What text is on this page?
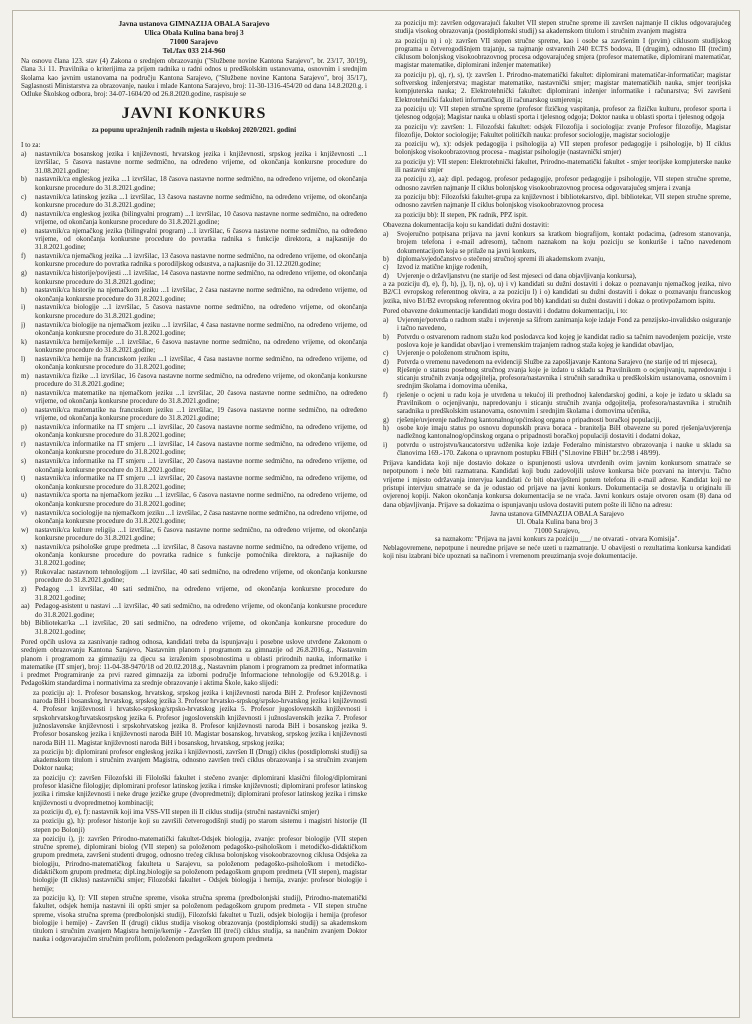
Javna ustanova GIMNAZIJA OBALA Sarajevo
Ulica Obala Kulina bana broj 3
71000 Sarajevo
Tel./fax 033 214-960

Na osnovu člana 123. stav (4) Zakona o srednjem obrazovanju ("Službene novine Kantona Sarajevo", br. 23/17, 30/19), člana 3.i 11. Pravilnika o kriterijima za prijem radnika u radni odnos u predškolskim ustanovama, osnovnim i srednjim školama kao javnim ustanovama na području Kantona Sarajevo, ("Službene novine Kantona Sarajevo", broj 35/17), Saglasnosti Ministarstva za obrazovanje, nauku i mlade Kantona Sarajevo, broj: 11-30-1316-454/20 od dana 14.8.2020.g. i Odluke Školskog odbora, broj: 34-07-1604/20 od 26.8.2020.godine, raspisuje se

JAVNI KONKURS
za popunu upražnjenih radnih mjesta u školskoj 2020/2021. godini

I to za:

a)	nastavnik/ca bosanskog jezika i književnosti, hrvatskog jezika i književnosti, srpskog jezika i književnosti ...1 izvršilac, 5 časova nastavne norme sedmično, na određeno vrijeme, od okončanja konkursne procedure do 31.08.2021.godine;
b)	nastavnik/ca engleskog jezika ...1 izvršilac, 18 časova nastavne norme sedmično, na određeno vrijeme, od okončanja konkursne procedure do 31.8.2021.godine;
c)	nastavnik/ca latinskog jezika ...1 izvršilac, 13 časova nastavne norme sedmično, na određeno vrijeme, od okončanja konkursne procedure do 31.8.2021.godine;
d)	nastavnik/ca engleskog jezika (bilingvalni program) ...1 izvršilac, 10 časova nastavne norme sedmično, na određeno vrijeme, od okončanja konkursne procedure do 31.8.2021.godine;
e)	nastavnik/ca njemačkog jezika (bilingvalni program) ...1 izvršilac, 6 časova nastavne norme sedmično, na određeno vrijeme, od okončanja konkursne procedure do povratka radnika s funkcije direktora, a najkasnije do 31.8.2021.godine;
f)	nastavnik/ca njemačkog jezika ...1 izvršilac, 13 časova nastavne norme sedmično, na određeno vrijeme, od okončanja konkursne procedure do povratka radnika s porodiljskog odsustva, a najkasnije do 31.12.2020.godine;
g)	nastavnik/ca historije/povijesti ...1 izvršilac, 14 časova nastavne norme sedmično, na određeno vrijeme, od okončanja konkursne procedure do 31.8.2021.godine;
h)	nastavnik/ca historije na njemačkom jeziku ...1 izvršilac, 2 časa nastavne norme sedmično, na određeno vrijeme, od okončanja konkursne procedure do 31.8.2021.godine;
i)	nastavnik/ca biologije ...1 izvršilac, 5 časova nastavne norme sedmično, na određeno vrijeme, od okončanja konkursne procedure do 31.8.2021.godine;
j)	nastavnik/ca biologije na njemačkom jeziku ...1 izvršilac, 4 časa nastavne norme sedmično, na određeno vrijeme, od okončanja konkursne procedure do 31.8.2021.godine;
k)	nastavnik/ca hemije/kemije ...1 izvršilac, 6 časova nastavne norme sedmično, na određeno vrijeme, od okončanja konkursne procedure do 31.8.2021.godine;
l)	nastavnik/ca hemije na francuskom jeziku ...1 izvršilac, 4 časa nastavne norme sedmično, na određeno vrijeme, od okončanja konkursne procedure do 31.8.2021.godine;
m) nastavnik/ca fizike ...1 izvršilac, 16 časova nastavne norme sedmično, na određeno vrijeme, od okončanja konkursne procedure do 31.8.2021.godine;
n)	nastavnik/ca matematike na njemačkom jeziku ...1 izvršilac, 20 časova nastavne norme sedmično, na određeno vrijeme, od okončanja konkursne procedure do 31.8.2021.godine;
o)	nastavnik/ca matematike na francuskom jeziku ...1 izvršilac, 19 časova nastavne norme sedmično, na određeno vrijeme, od okončanja konkursne procedure do 31.8.2021.godine;
p)	nastavnik/ca informatike na IT smjeru ...1 izvršilac, 20 časova nastavne norme sedmično, na određeno vrijeme, od okončanja konkursne procedure do 31.8.2021.godine;
r)	nastavnik/ca informatike na IT smjeru ...1 izvršilac, 14 časova nastavne norme sedmično, na određeno vrijeme, od okončanja konkursne procedure do 31.8.2021.godine;
s)	nastavnik/ca informatike na IT smjeru ...1 izvršilac, 20 časova nastavne norme sedmično, na određeno vrijeme, od okončanja konkursne procedure do 31.8.2021.godine;
t)	nastavnik/ca informatike na IT smjeru ...1 izvršilac, 20 časova nastavne norme sedmično, na određeno vrijeme, od okončanja konkursne procedure do 31.8.2021.godine;
u)	nastavnik/ca sporta na njemačkom jeziku ...1 izvršilac, 6 časova nastavne norme sedmično, na određeno vrijeme, od okončanja konkursne procedure do 31.8.2021.godine;
v)	nastavnik/ca sociologije na njemačkom jeziku ...1 izvršilac, 2 časa nastavne norme sedmično, na određeno vrijeme, od okončanja konkursne procedure do 31.8.2021.godine;
w) nastavnik/ca kulture religija ...1 izvršilac, 6 časova nastavne norme sedmično, na određeno vrijeme, od okončanja konkursne procedure do 31.8.2021.godine;
x)	nastavnik/ca psihološke grupe predmeta ...1 izvršilac, 8 časova nastavne norme sedmično, na određeno vrijeme, od okončanja konkursne procedure do povratka radnice s funkcije pomoćnika direktora, a najkasnije do 31.8.2021.godine;
y)	Rukovalac nastavnom tehnologijom ...1 izvršilac, 40 sati sedmično, na određeno vrijeme, od okončanja konkursne procedure do 31.8.2021.godine;
z)	Pedagog ...1 izvršilac, 40 sati sedmično, na određeno vrijeme, od okončanja konkursne procedure do 31.8.2021.godine;
aa) Pedagog-asistent u nastavi ...1 izvršilac, 40 sati sedmično, na određeno vrijeme, od okončanja konkursne procedure do 31.8.2021.godine;
bb) Bibliotekar/ka ...1 izvršilac, 20 sati sedmično, na određeno vrijeme, od okončanja konkursne procedure do 31.8.2021.godine;

Pored općih uslova za zasnivanje radnog odnosa, kandidati treba da ispunjavaju i posebne uslove utvrđene Zakonom o srednjem obrazovanju Kantona Sarajevo, Nastavnim planom i programom za gimnazije od 26.8.2016.g., Nastavnim planom i programom za gimnaziju za djecu sa izraženim sposobnostima u oblasti prirodnih nauka, informatike i matematike (IT smjer), broj: 11-04-38-9470/18 od 20.02.2018.g., Nastavnim planom i programom za predmet informatika i predmet Programiranje za prvi razred gimnazija za izborni područje Informacione tehnologije od 6.9.2018.g. i Pedagoškim standardima i normativima za srednje obrazovanje i aktima Škole, kako slijedi:

za poziciju a): 1. Profesor bosanskog, hrvatskog, srpskog jezika i književnosti naroda BiH 2. Profesor književnosti naroda BiH i bosanskog, hrvatskog, srpskog jezika 3. Profesor hrvatsko-srpskog/srpsko-hrvatskog jezika i književnosti 4. Profesor književnosti i hrvatsko-srpskog/srpsko-hrvatskog jezika 5. Profesor jugoslovenskih književnosti i srpskohrvatskog/hrvatskosrpskog jezika 6. Profesor jugoslovenskih književnosti i južnoslavenskih jezika 7. Profesor južnoslavenske književnosti i srpskohrvatskog jezika 8. Profesor književnosti naroda BiH i bosanskog jezika 9. Profesor bosanskog jezika i književnosti naroda BiH 10. Magistar bosanskog, hrvatskog, srpskog jezika i književnosti naroda BiH 11. Magistar književnosti naroda BiH i bosanskog, hrvatskog, srpskog jezika;

za poziciju b): diplomirani profesor engleskog jezika i književnosti, završen II (Drugi) ciklus (postdiplomski studij) sa akademskom titulom i stručnim zvanjem Magistra, odnosno završen treći ciklus obrazovanja i sa stručnim zvanjem Doktor nauka;

za poziciju c): završen Filozofski ili Filološki fakultet i stečeno zvanje: diplomirani klasični filolog/diplomirani profesor klasične filologije; diplomirani profesor latinskog jezika i rimske književnosti; diplomirani profesor latinskog jezika i rimske književnosti i neke druge jezičke grupe (dvopredmetni); diplomirani profesor latinskog jezika i rimske književnosti u dvopredmetnoj kombinaciji;

za poziciju d), e), f): nastavnik koji ima VSS-VII stepen ili II ciklus studija (stručni nastavnički smjer)

za poziciju g), h): profesor historije koji su završili četverogodišnji studij po starom sistemu i magistri historije (II stepen po Bolonji)

za poziciju i), j): završen Prirodno-matematički fakultet-Odsjek biologija, zvanje: profesor biologije (VII stepen stručne spreme), diplomirani biolog (VII stepen) sa položenom pedagoško-psihološkom i metodičko-didaktičkom grupom predmeta, završeni studenti drugog, odnosno trećeg ciklusa bolonjskog visokoobrazovnog ciklusa Odsjeka za biologiju, Prirodno-matematičkog fakulteta u Sarajevu, sa položenom pedagoško-psihološkom i metodičko-didaktičkom grupom predmeta; dipl.ing.biologije sa položenom pedagoškom grupom predmeta (VII stepen), magistar biologije (II ciklus) nastavnički smjer; Filozofski fakultet - Odsjek biologija i hemija, zvanje: profesor biologije i hemije;

za poziciju k), l): VII stepen stručne spreme, visoka stručna sprema (predbolonjski studij), Prirodno-matematički fakultet, odsjek hemija nastavni ili opšti smjer sa položenom pedagoškom grupom predmeta - VII stepen stručne spreme, visoka stručna sprema (predbolonjski studij), Filozofski fakultet u Tuzli, odsjek biologija i hemija (profesor biologije i hemije) - Završen II (drugi) ciklus studija visokog obrazovanja (postdiplomski studij) sa akademskom titulom i stručnim zvanjem Magistra hemije/kemije - Završen III (treći) ciklus studija, sa naučnim zvanjem Doktor nauka i odgovarajućim stručnim profilom, položenom pedagoškom grupom predmeta

za poziciju m): završen odgovarajući fakultet VII stepen stručne spreme ili završen najmanje II ciklus odgovarajućeg studija visokog obrazovanja (postdiplomski studij) sa akademskom titulom i stručnim zvanjem magistra

za poziciju n) i o): završen VII stepen stručne spreme, kao i osobe sa završenim I (prvim) ciklusom studijskog programa u četverogodišnjem trajanju, sa najmanje ostvarenih 240 ECTS bodova, II (drugim), odnosno III (trećim) ciklusom bolonjskog visokoobrazovnog procesa odgovarajućeg smjera (profesor matematike, diplomirani matematičar, magistar matematike, diplomirani inženjer matematike)

za poziciju p), q), r), s), t): završen 1. Prirodno-matematički fakultet: diplomirani matematičar-informatičar; magistar softverskog inženjerstva; magistar matematike, nastavnički smjer; magistar matematičkih nauka, smjer teorijska kompjuterska nauka; 2. Elektrotehnički fakultet: diplomirani inženjer informatike i računarstva; Svi završeni Elektrotehnički fakulteti informatičkog ili računarskog usmjerenja;

za poziciju u): VII stepen stručne spreme (profesor fizičkog vaspitanja, profesor za fizičku kulturu, profesor sporta i tjelesnog odgoja); Magistar nauka u oblasti sporta i tjelesnog odgoja; Doktor nauka u oblasti sporta i tjelesnog odgoja

za poziciju v): završen: 1. Filozofski fakultet: odsjek Filozofija i sociologija: zvanje Profesor filozofije, Magistar filozofije, Doktor sociologije; Fakultet političkih nauka: profesor sociologije, magistar sociologije

za poziciju w), x): odsjek pedagogija i psihologija a) VII stepen profesor pedagogije i psihologije, b) II ciklus bolonjskog visokoobrazovnog procesa - magistar psihologije (nastavnički smjer)

za poziciju y): VII stepen: Elektrotehnički fakultet, Prirodno-matematički fakultet - smjer teorijske kompjuterske nauke ili nastavni smjer

za poziciju z), aa): dipl. pedagog, profesor pedagogije, profesor pedagogije i psihologije, VII stepen stručne spreme, odnosno završen najmanje II ciklus bolonjskog visokoobrazovnog procesa odgovarajućeg smjera i zvanja

za poziciju bb): Filozofski fakultet-grupa za književnost i bibliotekarstvo, dipl. bibliotekar, VII stepen stručne spreme, odnosno završen najmanje II ciklus bolonjskog visokoobrazovnog procesa

za poziciju bb): II stepen, PK radnik, PPZ ispit.

Obavezna dokumentacija koju su kandidati dužni dostaviti:

a)	Svojeručno potpisana prijava na javni konkurs sa kratkom biografijom, kontakt podacima, (adresom stanovanja, brojem telefona i e-mail adresom), tačnom naznakom na koju poziciju se konkuriše i tačno navedenom dokumentacijom koja se prilaže na javni konkurs,
b)	diploma/svjedočanstvo o stečenoj stručnoj spremi ili akademskom zvanju,
c)	Izvod iz matične knjige rođenih,
d)	Uvjerenje o državljanstvu (ne starije od šest mjeseci od dana objavljivanja konkursa),

a za poziciju d), e), f), h), j), l), n), o), u) i v) kandidati su dužni dostaviti i dokaz o poznavanju njemačkog jezika, nivo B2/C1 evropskog referentnog okvira, a za poziciju l) i o) kandidati su dužni dostaviti i dokaz o poznavanju francuskog jezika, nivo B1/B2 evropskog referentnog okvira pod bb) kandidati su dužni dostaviti i dokaz o protivpožarnom ispitu.

Pored obavezne dokumentacije kandidati mogu dostaviti i dodatnu dokumentaciju, i to:

a)	Uvjerenje/potvrda o radnom stažu i uvjerenje sa šifrom zanimanja koje izdaje Fond za penzijsko-invalidsko osiguranje i tačno navedeno,
b)	Potvrdu o ostvarenom radnom stažu kod poslodavca kod kojeg je kandidat radio sa tačnim navođenjem pozicije, vrste poslova koje je kandidat obavljao i vremenskim trajanjem radnog staža kojeg je kandidat obavljao,
c)	Uvjerenje o položenom stručnom ispitu,
d)	Potvrda o vremenu navedenom na evidenciji Službe za zapošljavanje Kantona Sarajevo (ne starije od tri mjeseca),
e)	Rješenje o statusu posebnog stručnog zvanja koje je izdato u skladu sa Pravilnikom o ocjenjivanju, napredovanju i sticanju stručnih zvanja odgojitelja, profesora/nastavnika i stručnih saradnika u predškolskim ustanovama, osnovnim i srednjim školama i domovima učenika,
f)	rješenje o ocjeni u radu koja je utvrđena u tekućoj ili prethodnoj kalendarskoj godini, a koje je izdato u skladu sa Pravilnikom o ocjenjivanju, napredovanju i sticanju stručnih zvanja odgojitelja, profesora/nastavnika i stručnih saradnika u predškolskim ustanovama, osnovnim i srednjim školama i domovima učenika,
g)	rješenje/uvjerenje nadležnog kantonalnog/općinskog organa o pripadnosti boračkoj populaciji,
h)	osobe koje imaju status po osnovu dopunskih prava boraca - branitelja BiH obavezne su pored rješenja/uvjerenja nadležnog kantonalnog/općinskog organa o pripadnosti boračkoj populaciji dostaviti i dodatni dokaz,
i)	potvrdu o ustrojstvu/kaucatorstvu udženika koje izdaje Federalno ministarstvo obrazovanja i nauke u skladu sa članovima 169.-170. Zakona o upravnom postupku FBiH ("Sl.novine FBiH" br.:2/98 i 48/99).

Prijava kandidata koji nije dostavio dokaze o ispunjenosti uslova utvrđenih ovim javnim konkursom smatraće se nepotpunom i neće biti razmatrana. Kandidati koji budu zadovoljili uslove konkursa biće pozvani na intervju. Tačno vrijeme i mjesto održavanja intervjua kandidati će biti obaviješteni putem telefona ili e-mail adrese. Kandidat koji ne pristupi intervjuu smatraće se da je odustao od prijave na javni konkurs. Dokumentacija se dostavlja u originalu ili ovjerenoj kopiji. Nakon okončanja konkursa dokumentacija se ne vraća. Javni konkurs ostaje otvoren osam (8) dana od dana objavljivanja. Prijave sa dokazima o ispunjavanju uslova dostaviti putem pošte ili lično na adresu:

Javna ustanova GIMNAZIJA OBALA Sarajevo
Ul. Obala Kulina bana broj 3
71000 Sarajevo,

sa naznakom: "Prijava na javni konkurs za poziciju ___/ ne otvarati - otvara Komisija".

Neblagovremene, nepotpune i neuredne prijave se neće uzeti u razmatranje. U obavijesti o rezultatima konkursa kandidati koji nisu izabrani biće upoznati sa načinom i vremenom preuzimanja svoje dokumentacije.
